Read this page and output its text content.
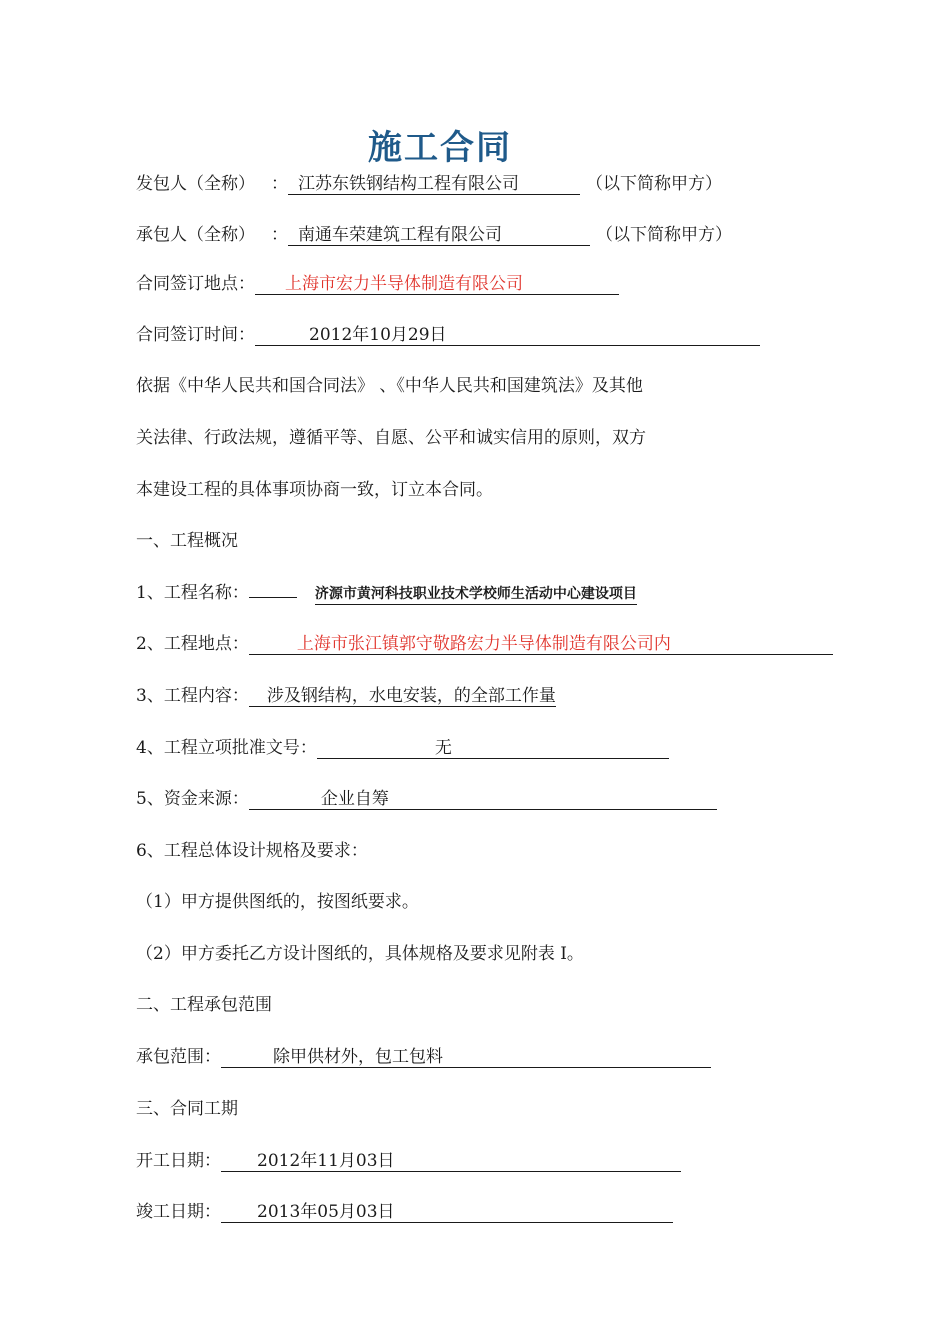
施工合同
发包人（全称） ： 江苏东铁钢结构工程有限公司	（以下简称甲方）
承包人（全称） ： 南通车荣建筑工程有限公司	（以下简称甲方）
合同签订地点： 上海市宏力半导体制造有限公司
合同签订时间：	2012年10月29日
依据《中华人民共和国合同法》 、《中华人民共和国建筑法》及其他
关法律、行政法规，遵循平等、自愿、公平和诚实信用的原则，双方
本建设工程的具体事项协商一致，订立本合同。
一、工程概况
1、工程名称：	济源市黄河科技职业技术学校师生活动中心建设项目
2、工程地点：	上海市张江镇郭守敬路宏力半导体制造有限公司内
3、工程内容： 涉及钢结构，水电安装，的全部工作量
4、工程立项批准文号：	无
5、资金来源：	企业自筹
6、工程总体设计规格及要求：
（1）甲方提供图纸的，按图纸要求。
（2）甲方委托乙方设计图纸的，具体规格及要求见附表 I。
二、工程承包范围
承包范围：	除甲供材外，包工包料
三、合同工期
开工日期： 2012年11月03日
竣工日期： 2013年05月03日
